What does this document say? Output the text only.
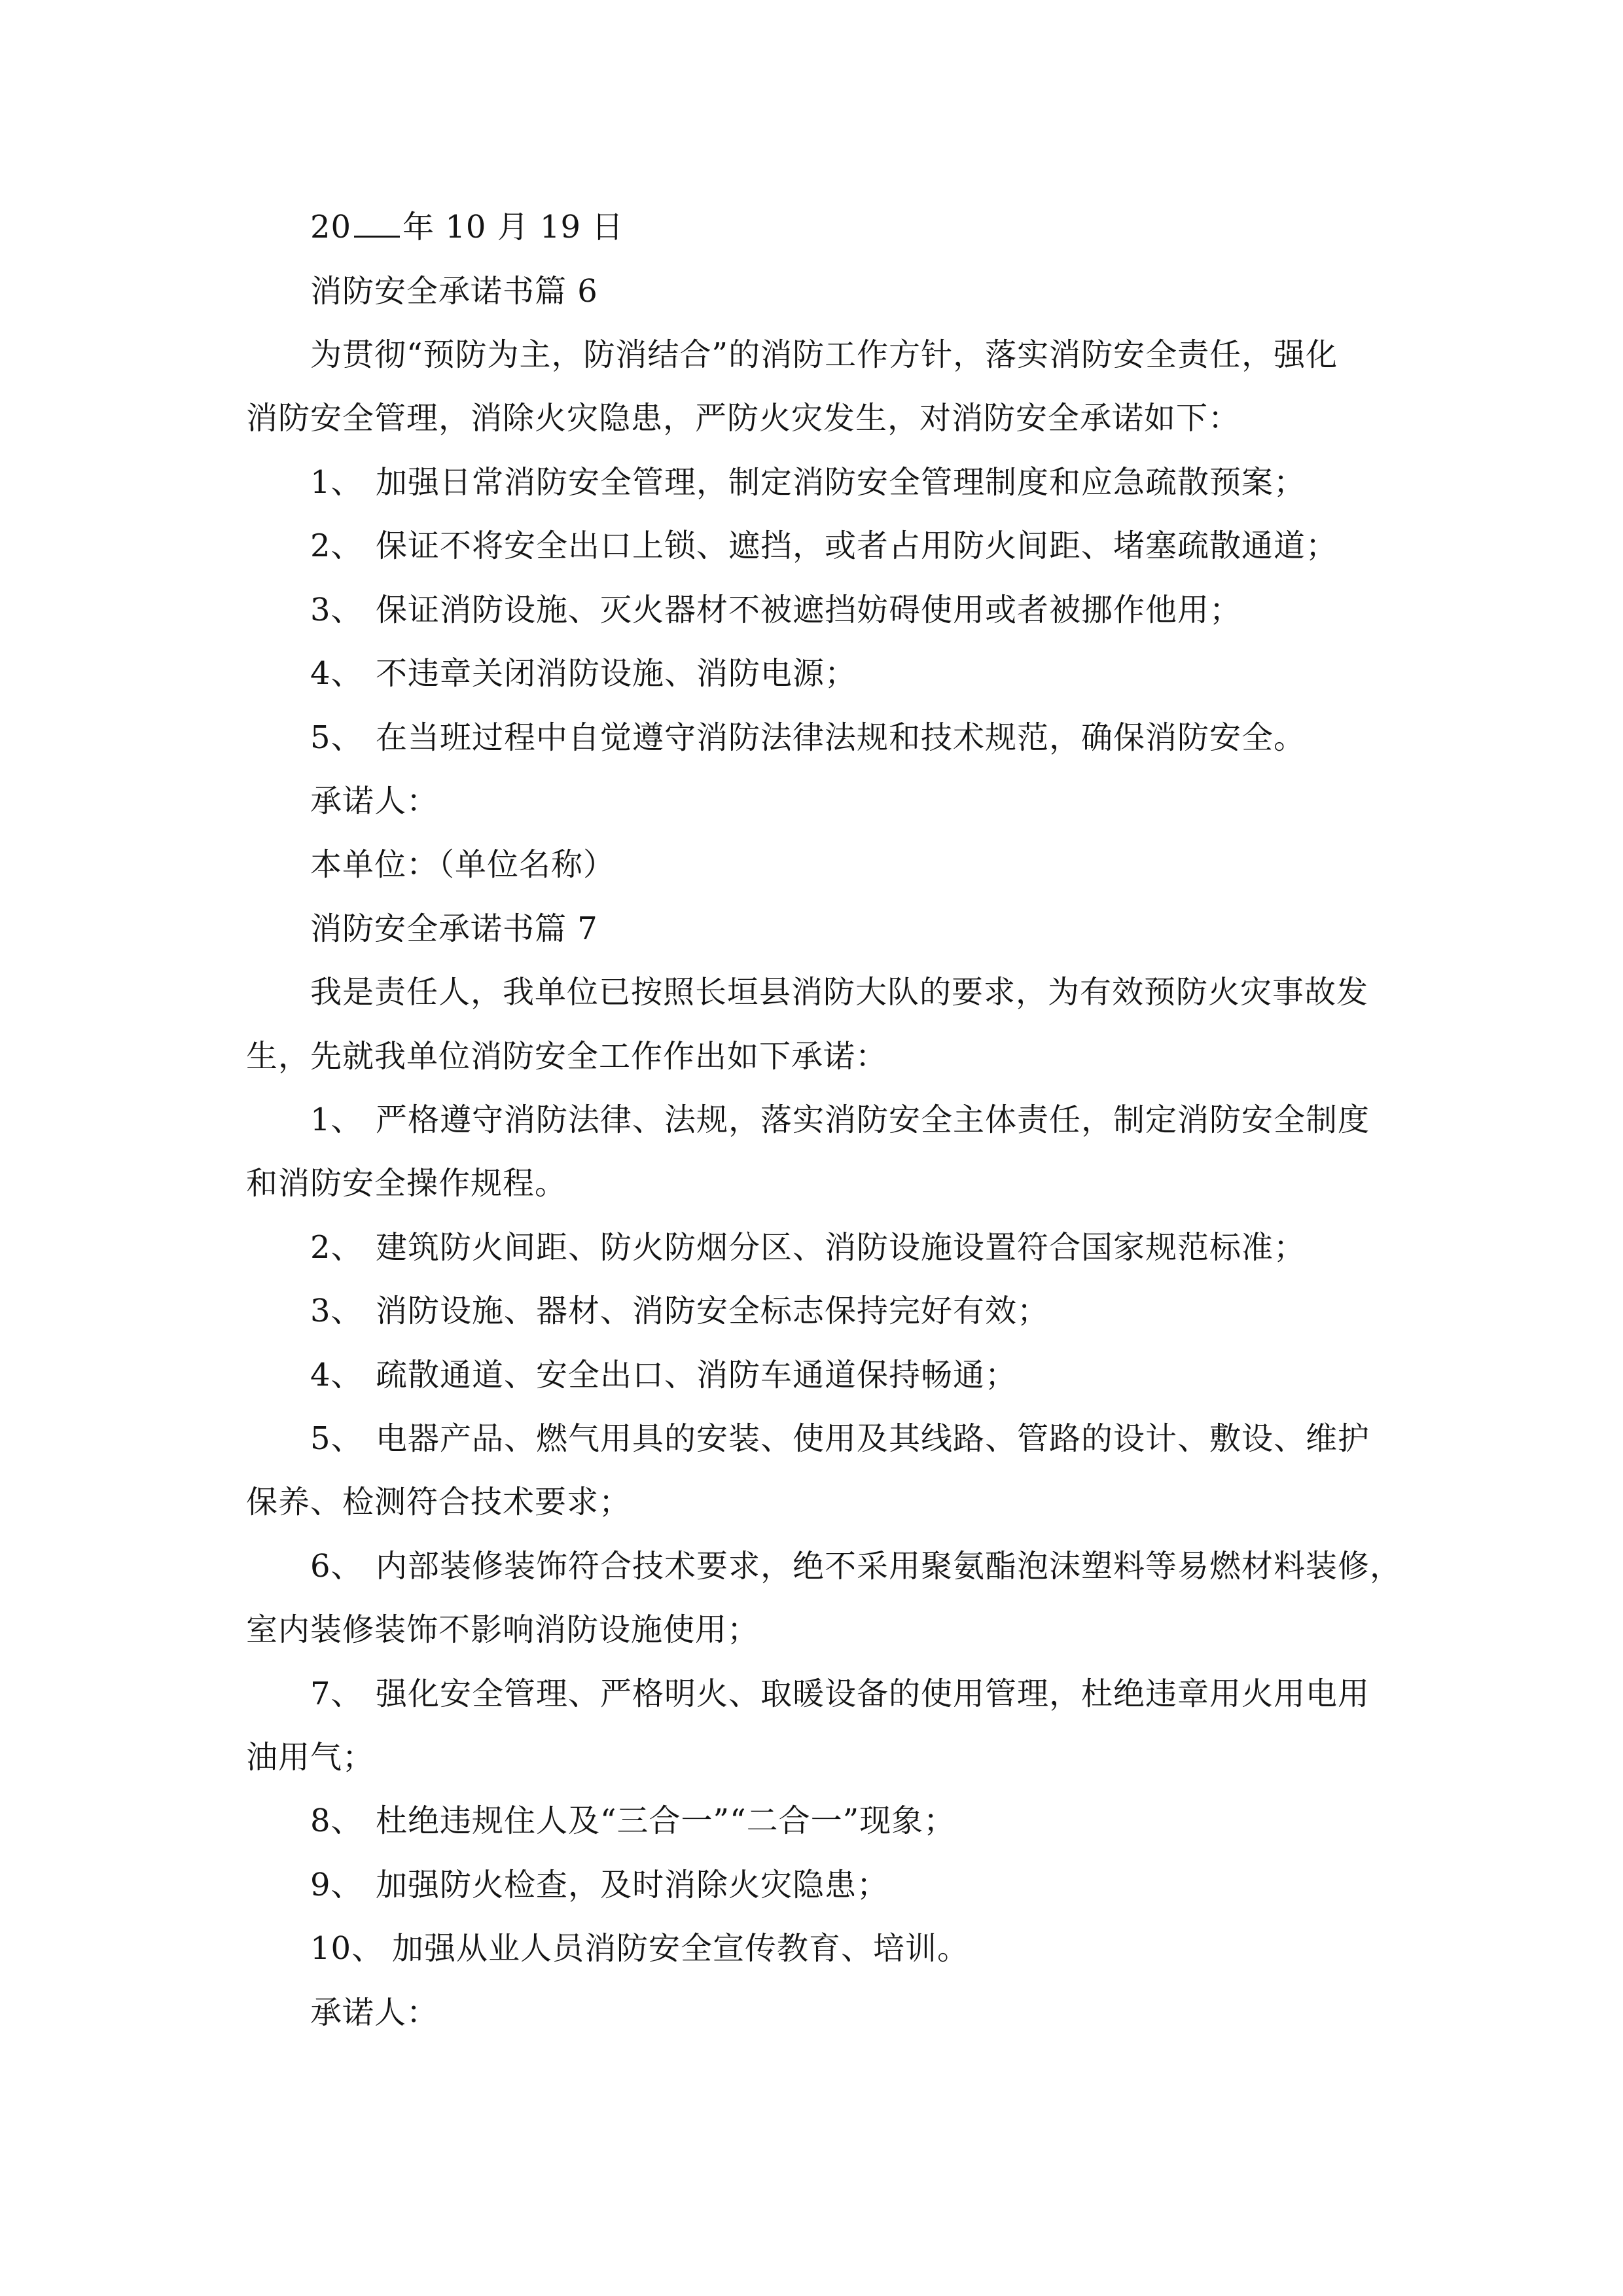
20 年 10 月 19 日

消防安全承诺书篇 6

为贯彻“预防为主，防消结合”的消防工作方针，落实消防安全责任，强化

消防安全管理，消除火灾隐患，严防火灾发生，对消防安全承诺如下：

1、 加强日常消防安全管理，制定消防安全管理制度和应急疏散预案；

2、 保证不将安全出口上锁、遮挡，或者占用防火间距、堵塞疏散通道；

3、 保证消防设施、灭火器材不被遮挡妨碍使用或者被挪作他用；

4、 不违章关闭消防设施、消防电源；

5、 在当班过程中自觉遵守消防法律法规和技术规范，确保消防安全。

承诺人：

本单位：（单位名称）

消防安全承诺书篇 7

我是责任人，我单位已按照长垣县消防大队的要求，为有效预防火灾事故发

生，先就我单位消防安全工作作出如下承诺：

1、 严格遵守消防法律、法规，落实消防安全主体责任，制定消防安全制度

和消防安全操作规程。

2、 建筑防火间距、防火防烟分区、消防设施设置符合国家规范标准；

3、 消防设施、器材、消防安全标志保持完好有效；

4、 疏散通道、安全出口、消防车通道保持畅通；

5、 电器产品、燃气用具的安装、使用及其线路、管路的设计、敷设、维护

保养、检测符合技术要求；

6、 内部装修装饰符合技术要求，绝不采用聚氨酯泡沫塑料等易燃材料装修，

室内装修装饰不影响消防设施使用；

7、 强化安全管理、严格明火、取暖设备的使用管理，杜绝违章用火用电用

油用气；

8、 杜绝违规住人及“三合一”“二合一”现象；

9、 加强防火检查，及时消除火灾隐患；

10、 加强从业人员消防安全宣传教育、培训。

承诺人：
